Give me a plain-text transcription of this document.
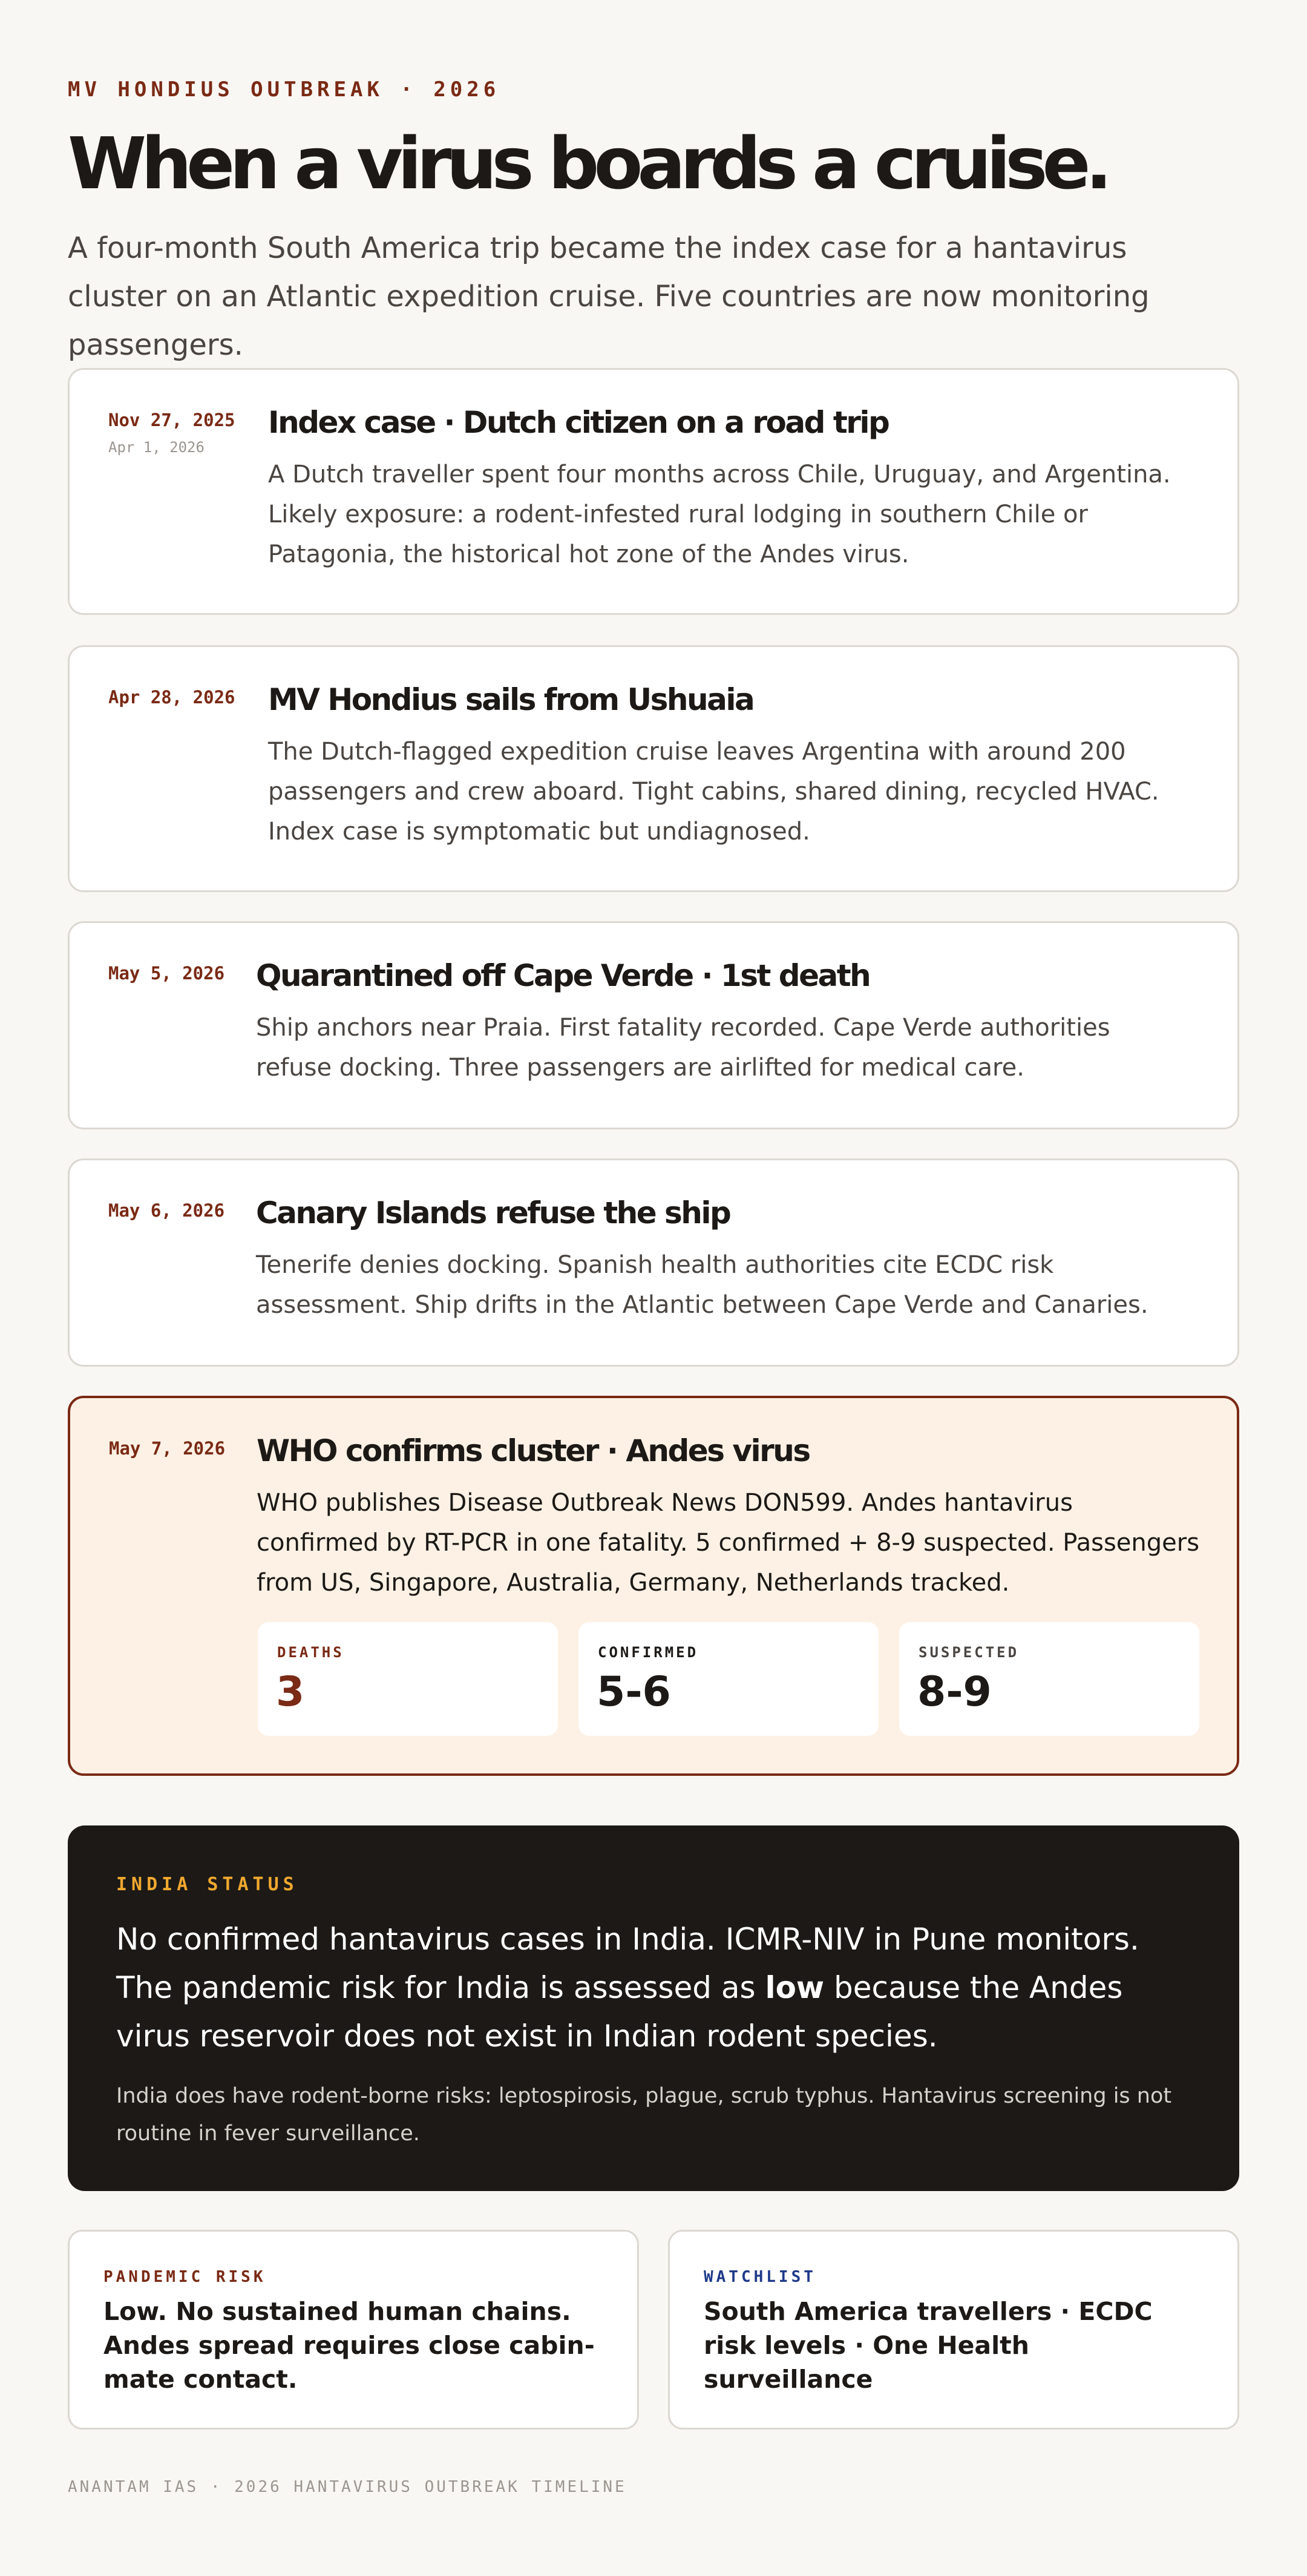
MV HONDIUS OUTBREAK · 2026
When a virus boards a cruise.

A four-month South America trip became the index case for a hantavirus cluster on an Atlantic expedition cruise. Five countries are now monitoring passengers.

Nov 27, 2025
Apr 1, 2026
Index case · Dutch citizen on a road trip

A Dutch traveller spent four months across Chile, Uruguay, and Argentina. Likely exposure: a rodent-infested rural lodging in southern Chile or Patagonia, the historical hot zone of the Andes virus.

Apr 28, 2026 MV Hondius sails from Ushuaia

The Dutch-flagged expedition cruise leaves Argentina with around 200 passengers and crew aboard. Tight cabins, shared dining, recycled HVAC. Index case is symptomatic but undiagnosed.

May 5, 2026 Quarantined off Cape Verde · 1st death

Ship anchors near Praia. First fatality recorded. Cape Verde authorities refuse docking. Three passengers are airlifted for medical care.

May 6, 2026 Canary Islands refuse the ship

Tenerife denies docking. Spanish health authorities cite ECDC risk assessment. Ship drifts in the Atlantic between Cape Verde and Canaries.

May 7, 2026 WHO confirms cluster · Andes virus

WHO publishes Disease Outbreak News DON599. Andes hantavirus confirmed by RT-PCR in one fatality. 5 confirmed + 8-9 suspected. Passengers from US, Singapore, Australia, Germany, Netherlands tracked.

DEATHS
3
CONFIRMED
5-6
SUSPECTED
8-9
INDIA STATUS

No confirmed hantavirus cases in India. ICMR-NIV in Pune monitors. The pandemic risk for India is assessed as low because the Andes virus reservoir does not exist in Indian rodent species.

India does have rodent-borne risks: leptospirosis, plague, scrub typhus. Hantavirus screening is not routine in fever surveillance.

PANDEMIC RISK

Low. No sustained human chains. Andes spread requires close cabin-mate contact.

WATCHLIST

South America travellers · ECDC risk levels · One Health surveillance

ANANTAM IAS · 2026 HANTAVIRUS OUTBREAK TIMELINE
